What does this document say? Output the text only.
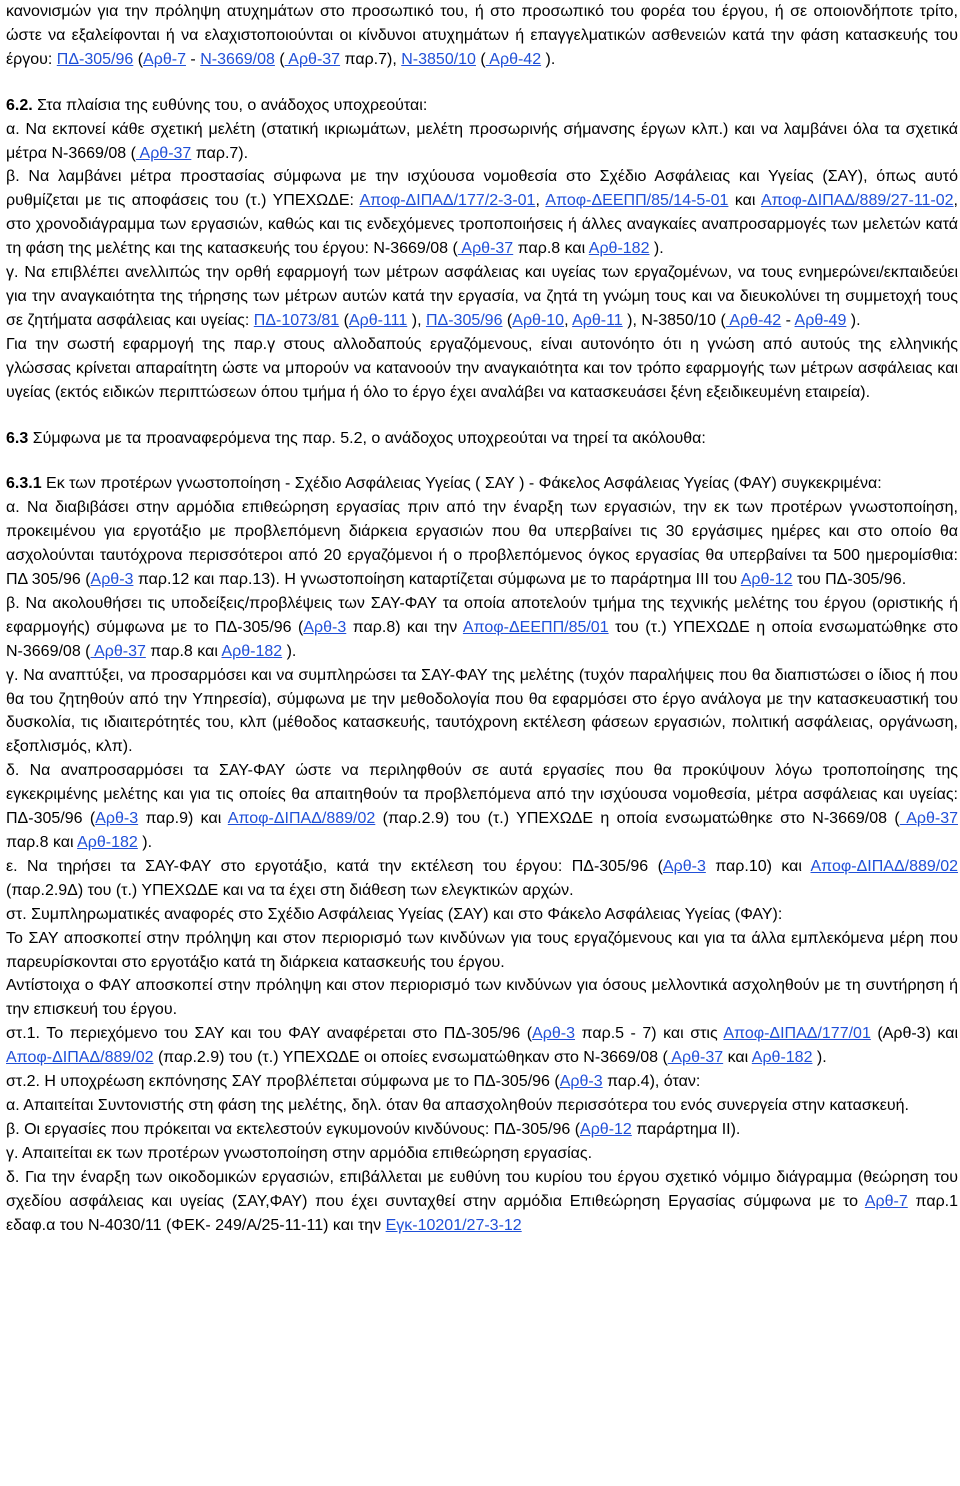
κανονισμών για την πρόληψη ατυχημάτων στο προσωπικό του, ή στο προσωπικό του φορέα του έργου, ή σε οποιονδήποτε τρίτο, ώστε να εξαλείφονται ή να ελαχιστοποιούνται οι κίνδυνοι ατυχημάτων ή επαγγελματικών ασθενειών κατά την φάση κατασκευής του έργου: ΠΔ-305/96 (Αρθ-7 - Ν-3669/08 ( Αρθ-37 παρ.7), Ν-3850/10 ( Αρθ-42 ).

6.2. Στα πλαίσια της ευθύνης του, ο ανάδοχος υποχρεούται:

α. Να εκπονεί κάθε σχετική μελέτη (στατική ικριωμάτων, μελέτη προσωρινής σήμανσης έργων κλπ.) και να λαμβάνει όλα τα σχετικά μέτρα Ν-3669/08 ( Αρθ-37 παρ.7).

β. Να λαμβάνει μέτρα προστασίας σύμφωνα με την ισχύουσα νομοθεσία στο Σχέδιο Ασφάλειας και Υγείας (ΣΑΥ), όπως αυτό ρυθμίζεται με τις αποφάσεις του (τ.) ΥΠΕΧΩΔΕ: Αποφ-ΔΙΠΑΔ/177/2-3-01, Αποφ-ΔΕΕΠΠ/85/14-5-01 και Αποφ-ΔΙΠΑΔ/889/27-11-02, στο χρονοδιάγραμμα των εργασιών, καθώς και τις ενδεχόμενες τροποποιήσεις ή άλλες αναγκαίες αναπροσαρμογές των μελετών κατά τη φάση της μελέτης και της κατασκευής του έργου: Ν-3669/08 ( Αρθ-37 παρ.8 και Αρθ-182 ).

γ. Να επιβλέπει ανελλιπώς την ορθή εφαρμογή των μέτρων ασφάλειας και υγείας των εργαζομένων, να τους ενημερώνει/εκπαιδεύει για την αναγκαιότητα της τήρησης των μέτρων αυτών κατά την εργασία, να ζητά τη γνώμη τους και να διευκολύνει τη συμμετοχή τους σε ζητήματα ασφάλειας και υγείας: ΠΔ-1073/81 (Αρθ-111 ), ΠΔ-305/96 (Αρθ-10, Αρθ-11 ), Ν-3850/10 ( Αρθ-42 - Αρθ-49 ).

Για την σωστή εφαρμογή της παρ.γ στους αλλοδαπούς εργαζόμενους, είναι αυτονόητο ότι η γνώση από αυτούς της ελληνικής γλώσσας κρίνεται απαραίτητη ώστε να μπορούν να κατανοούν την αναγκαιότητα και τον τρόπο εφαρμογής των μέτρων ασφάλειας και υγείας (εκτός ειδικών περιπτώσεων όπου τμήμα ή όλο το έργο έχει αναλάβει να κατασκευάσει ξένη εξειδικευμένη εταιρεία).

6.3 Σύμφωνα με τα προαναφερόμενα της παρ. 5.2, ο ανάδοχος υποχρεούται να τηρεί τα ακόλουθα:

6.3.1 Εκ των προτέρων γνωστοποίηση - Σχέδιο Ασφάλειας Υγείας ( ΣΑΥ ) - Φάκελος Ασφάλειας Υγείας (ΦΑΥ) συγκεκριμένα:

α. Να διαβιβάσει στην αρμόδια επιθεώρηση εργασίας πριν από την έναρξη των εργασιών, την εκ των προτέρων γνωστοποίηση, προκειμένου για εργοτάξιο με προβλεπόμενη διάρκεια εργασιών που θα υπερβαίνει τις 30 εργάσιμες ημέρες και στο οποίο θα ασχολούνται ταυτόχρονα περισσότεροι από 20 εργαζόμενοι ή ο προβλεπόμενος όγκος εργασίας θα υπερβαίνει τα 500 ημερομίσθια: ΠΔ 305/96 (Αρθ-3 παρ.12 και παρ.13). Η γνωστοποίηση καταρτίζεται σύμφωνα με το παράρτημα ΙΙΙ του Αρθ-12 του ΠΔ-305/96.

β. Να ακολουθήσει τις υποδείξεις/προβλέψεις των ΣΑΥ-ΦΑΥ τα οποία αποτελούν τμήμα της τεχνικής μελέτης του έργου (οριστικής ή εφαρμογής) σύμφωνα με το ΠΔ-305/96 (Αρθ-3 παρ.8) και την Αποφ-ΔΕΕΠΠ/85/01 του (τ.) ΥΠΕΧΩΔΕ η οποία ενσωματώθηκε στο Ν-3669/08 ( Αρθ-37 παρ.8 και Αρθ-182 ).

γ. Να αναπτύξει, να προσαρμόσει και να συμπληρώσει τα ΣΑΥ-ΦΑΥ της μελέτης (τυχόν παραλήψεις που θα διαπιστώσει ο ίδιος ή που θα του ζητηθούν από την Υπηρεσία), σύμφωνα με την μεθοδολογία που θα εφαρμόσει στο έργο ανάλογα με την κατασκευαστική του δυσκολία, τις ιδιαιτερότητές του, κλπ (μέθοδος κατασκευής, ταυτόχρονη εκτέλεση φάσεων εργασιών, πολιτική ασφάλειας, οργάνωση, εξοπλισμός, κλπ).

δ. Να αναπροσαρμόσει τα ΣΑΥ-ΦΑΥ ώστε να περιληφθούν σε αυτά εργασίες που θα προκύψουν λόγω τροποποίησης της εγκεκριμένης μελέτης και για τις οποίες θα απαιτηθούν τα προβλεπόμενα από την ισχύουσα νομοθεσία, μέτρα ασφάλειας και υγείας: ΠΔ-305/96 (Αρθ-3 παρ.9) και Αποφ-ΔΙΠΑΔ/889/02 (παρ.2.9) του (τ.) ΥΠΕΧΩΔΕ η οποία ενσωματώθηκε στο Ν-3669/08 ( Αρθ-37 παρ.8 και Αρθ-182 ).

ε. Να τηρήσει τα ΣΑΥ-ΦΑΥ στο εργοτάξιο, κατά την εκτέλεση του έργου: ΠΔ-305/96 (Αρθ-3 παρ.10) και Αποφ-ΔΙΠΑΔ/889/02 (παρ.2.9Δ) του (τ.) ΥΠΕΧΩΔΕ και να τα έχει στη διάθεση των ελεγκτικών αρχών.

στ. Συμπληρωματικές αναφορές στο Σχέδιο Ασφάλειας Υγείας (ΣΑΥ) και στο Φάκελο Ασφάλειας Υγείας (ΦΑΥ):

Το ΣΑΥ αποσκοπεί στην πρόληψη και στον περιορισμό των κινδύνων για τους εργαζόμενους και για τα άλλα εμπλεκόμενα μέρη που παρευρίσκονται στο εργοτάξιο κατά τη διάρκεια κατασκευής του έργου.

Αντίστοιχα ο ΦΑΥ αποσκοπεί στην πρόληψη και στον περιορισμό των κινδύνων για όσους μελλοντικά ασχοληθούν με τη συντήρηση ή την επισκευή του έργου.

στ.1. Το περιεχόμενο του ΣΑΥ και του ΦΑΥ αναφέρεται στο ΠΔ-305/96 (Αρθ-3 παρ.5 - 7) και στις Αποφ-ΔΙΠΑΔ/177/01 (Αρθ-3) και Αποφ-ΔΙΠΑΔ/889/02 (παρ.2.9) του (τ.) ΥΠΕΧΩΔΕ οι οποίες ενσωματώθηκαν στο Ν-3669/08 ( Αρθ-37 και Αρθ-182 ).

στ.2. Η υποχρέωση εκπόνησης ΣΑΥ προβλέπεται σύμφωνα με το ΠΔ-305/96 (Αρθ-3 παρ.4), όταν:

α. Απαιτείται Συντονιστής στη φάση της μελέτης, δηλ. όταν θα απασχοληθούν περισσότερα του ενός συνεργεία στην κατασκευή.

β. Οι εργασίες που πρόκειται να εκτελεστούν εγκυμονούν κινδύνους: ΠΔ-305/96 (Αρθ-12 παράρτημα ΙΙ).

γ. Απαιτείται εκ των προτέρων γνωστοποίηση στην αρμόδια επιθεώρηση εργασίας.

δ. Για την έναρξη των οικοδομικών εργασιών, επιβάλλεται με ευθύνη του κυρίου του έργου σχετικό νόμιμο διάγραμμα (θεώρηση του σχεδίου ασφάλειας και υγείας (ΣΑΥ,ΦΑΥ) που έχει συνταχθεί στην αρμόδια Επιθεώρηση Εργασίας σύμφωνα με το Αρθ-7 παρ.1 εδαφ.α του Ν-4030/11 (ΦΕΚ- 249/Α/25-11-11) και την Εγκ-10201/27-3-12
